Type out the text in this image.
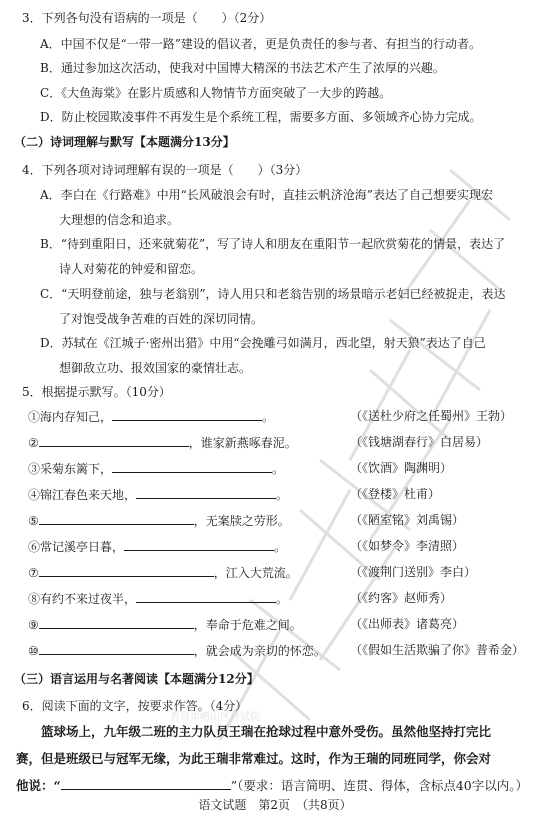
青岛市崂山区考试院
3．下列各句没有语病的一项是（　　）（2分）
A．中国不仅是“一带一路”建设的倡议者，更是负责任的参与者、有担当的行动者。
B．通过参加这次活动，使我对中国博大精深的书法艺术产生了浓厚的兴趣。
C．《大鱼海棠》在影片质感和人物情节方面突破了一大步的跨越。
D．防止校园欺凌事件不再发生是个系统工程，需要多方面、多领域齐心协力完成。
（二）诗词理解与默写【本题满分13分】
4．下列各项对诗词理解有误的一项是（　　）（3分）
A．李白在《行路难》中用“长风破浪会有时，直挂云帆济沧海”表达了自己想要实现宏
大理想的信念和追求。
B．“待到重阳日，还来就菊花”，写了诗人和朋友在重阳节一起欣赏菊花的情景，表达了
诗人对菊花的钟爱和留恋。
C．“天明登前途，独与老翁别”，诗人用只和老翁告别的场景暗示老妇已经被捉走，表达
了对饱受战争苦难的百姓的深切同情。
D．苏轼在《江城子·密州出猎》中用“会挽雕弓如满月，西北望，射天狼”表达了自己
想御敌立功、报效国家的豪情壮志。
5．根据提示默写。（10分）
①海内存知己，	。	（《送杜少府之任蜀州》王勃）
②	，谁家新燕啄春泥。	（《钱塘湖春行》白居易）
③采菊东篱下，	。	（《饮酒》陶渊明）
④锦江春色来天地，	。	（《登楼》杜甫）
⑤	，无案牍之劳形。	（《陋室铭》刘禹锡）
⑥常记溪亭日暮，	。	（《如梦令》李清照）
⑦	，江入大荒流。	（《渡荆门送别》李白）
⑧有约不来过夜半，	。	（《约客》赵师秀）
⑨	，奉命于危难之间。	（《出师表》诸葛亮）
⑩	，就会成为亲切的怀恋。 （《假如生活欺骗了你》普希金）
（三）语言运用与名著阅读【本题满分12分】
6．阅读下面的文字，按要求作答。（4分）
篮球场上，九年级二班的主力队员王瑞在抢球过程中意外受伤。虽然他坚持打完比
赛，但是班级已与冠军无缘，为此王瑞非常难过。这时，作为王瑞的同班同学，你会对
他说：“	”（要求：语言简明、连贯、得体，含标点40字以内。）
语文试题　第2页　（共8页）
